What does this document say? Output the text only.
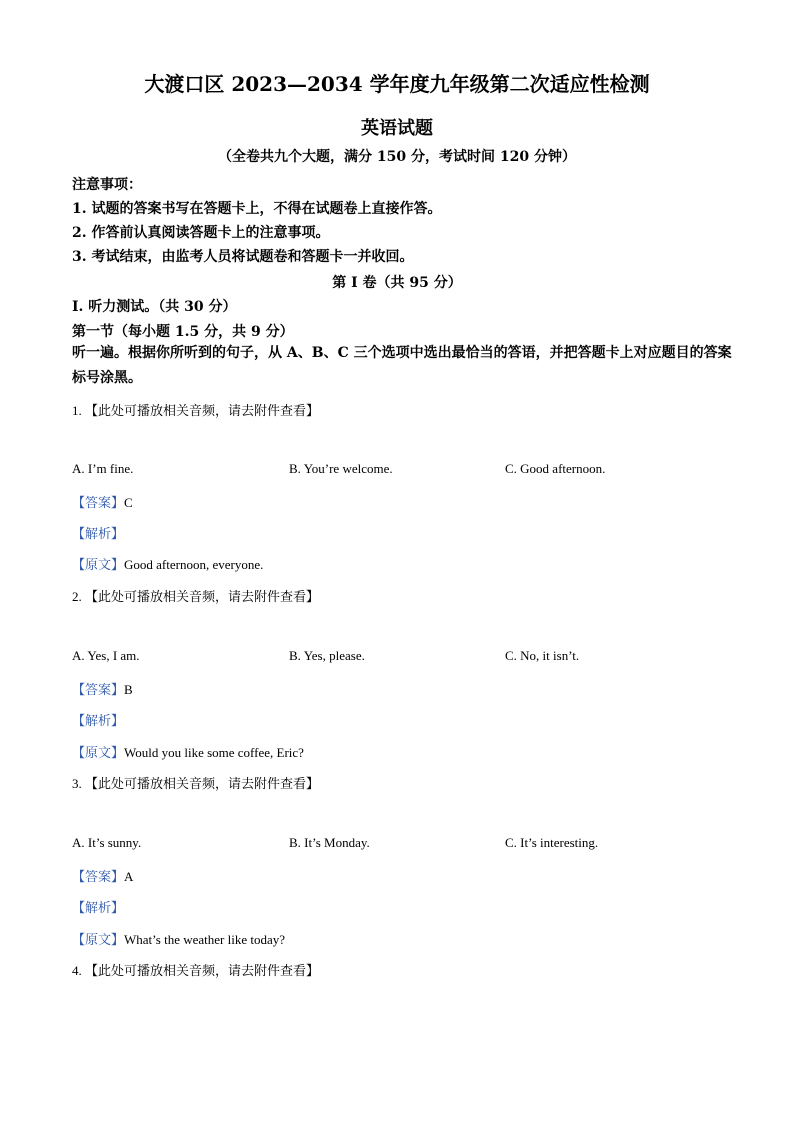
大渡口区 2023—2034 学年度九年级第二次适应性检测
英语试题
（全卷共九个大题，满分 150 分，考试时间 120 分钟）
注意事项：
1. 试题的答案书写在答题卡上，不得在试题卷上直接作答。
2. 作答前认真阅读答题卡上的注意事项。
3. 考试结束，由监考人员将试题卷和答题卡一并收回。
第 I 卷（共 95 分）
Ⅰ. 听力测试。（共 30 分）
第一节（每小题 1.5 分，共 9 分）
听一遍。根据你所听到的句子，从 A、B、C 三个选项中选出最恰当的答语，并把答题卡上对应题目的答案标号涂黑。
1. 【此处可播放相关音频，请去附件查看】
A. I’m fine.	B. You’re welcome.	C. Good afternoon.
【答案】C
【解析】
【原文】Good afternoon, everyone.
2. 【此处可播放相关音频，请去附件查看】
A. Yes, I am.	B. Yes, please.	C. No, it isn’t.
【答案】B
【解析】
【原文】Would you like some coffee, Eric?
3. 【此处可播放相关音频，请去附件查看】
A. It’s sunny.	B. It’s Monday.	C. It’s interesting.
【答案】A
【解析】
【原文】What’s the weather like today?
4. 【此处可播放相关音频，请去附件查看】
